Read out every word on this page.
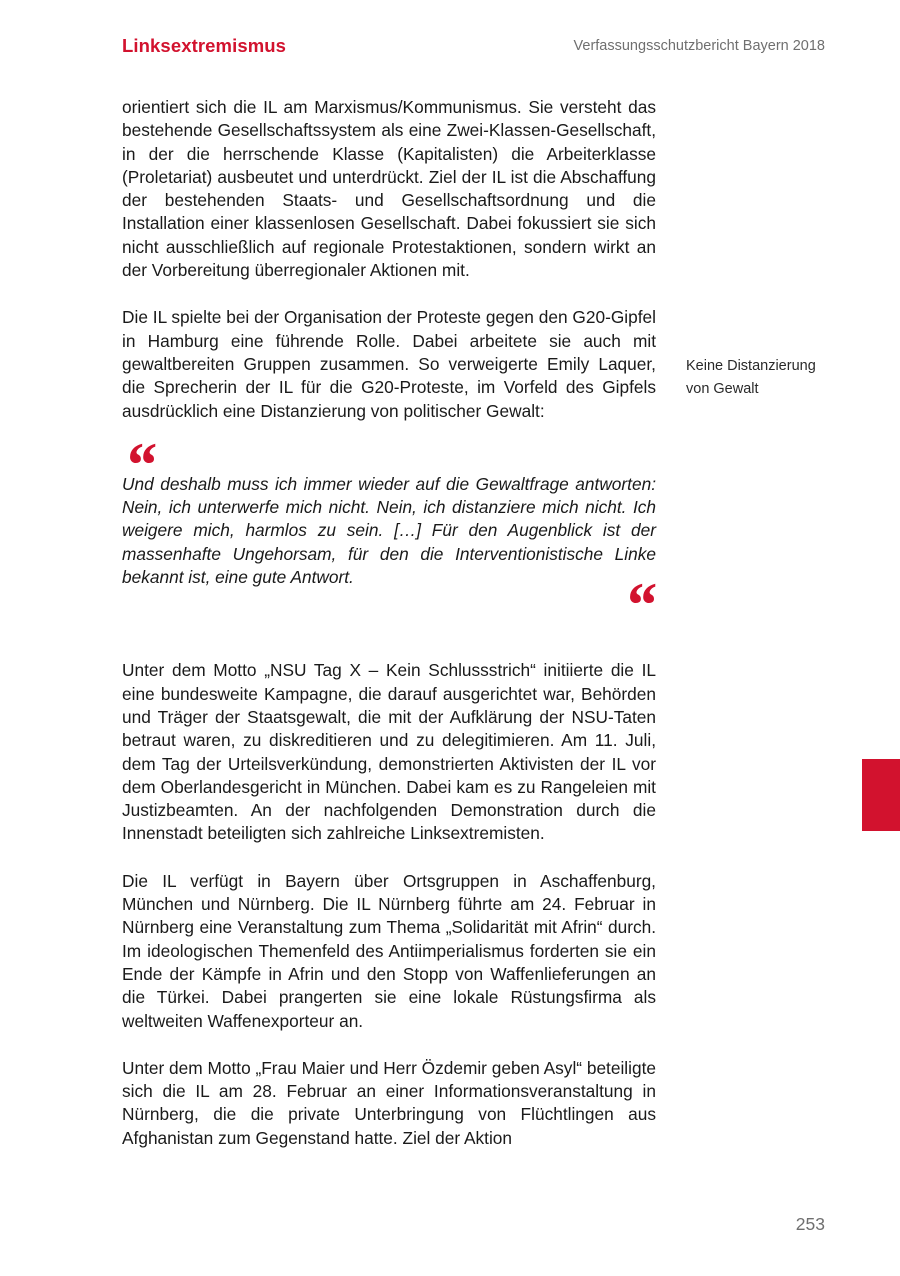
Linksextremismus	Verfassungsschutzbericht Bayern 2018

orientiert sich die IL am Marxismus/Kommunismus. Sie versteht das bestehende Gesellschaftssystem als eine Zwei-Klassen-Gesellschaft, in der die herrschende Klasse (Kapitalisten) die Arbeiterklasse (Proletariat) ausbeutet und unterdrückt. Ziel der IL ist die Abschaffung der bestehenden Staats- und Gesellschaftsordnung und die Installation einer klassenlosen Gesellschaft. Dabei fokussiert sie sich nicht ausschließlich auf regionale Protestaktionen, sondern wirkt an der Vorbereitung überregionaler Aktionen mit.

Die IL spielte bei der Organisation der Proteste gegen den G20-Gipfel in Hamburg eine führende Rolle. Dabei arbeitete sie auch mit gewaltbereiten Gruppen zusammen. So verweigerte Emily Laquer, die Sprecherin der IL für die G20-Proteste, im Vorfeld des Gipfels ausdrücklich eine Distanzierung von politischer Gewalt:

“

Und deshalb muss ich immer wieder auf die Gewaltfrage antworten: Nein, ich unterwerfe mich nicht. Nein, ich distanziere mich nicht. Ich weigere mich, harmlos zu sein. […] Für den Augenblick ist der massenhafte Ungehorsam, für den die Interventionistische Linke bekannt ist, eine gute Antwort.	“

Unter dem Motto „NSU Tag X – Kein Schlussstrich“ initiierte die IL eine bundesweite Kampagne, die darauf ausgerichtet war, Behörden und Träger der Staatsgewalt, die mit der Aufklärung der NSU-Taten betraut waren, zu diskreditieren und zu delegitimieren. Am 11. Juli, dem Tag der Urteilsverkündung, demonstrierten Aktivisten der IL vor dem Oberlandesgericht in München. Dabei kam es zu Rangeleien mit Justizbeamten. An der nachfolgenden Demonstration durch die Innenstadt beteiligten sich zahlreiche Linksextremisten.

Die IL verfügt in Bayern über Ortsgruppen in Aschaffenburg, München und Nürnberg. Die IL Nürnberg führte am 24. Februar in Nürnberg eine Veranstaltung zum Thema „Solidarität mit Afrin“ durch. Im ideologischen Themenfeld des Antiimperialismus forderten sie ein Ende der Kämpfe in Afrin und den Stopp von Waffenlieferungen an die Türkei. Dabei prangerten sie eine lokale Rüstungsfirma als weltweiten Waffenexporteur an.

Unter dem Motto „Frau Maier und Herr Özdemir geben Asyl“ beteiligte sich die IL am 28. Februar an einer Informationsveranstaltung in Nürnberg, die die private Unterbringung von Flüchtlingen aus Afghanistan zum Gegenstand hatte. Ziel der Aktion

Keine Distanzierung
von Gewalt
253
